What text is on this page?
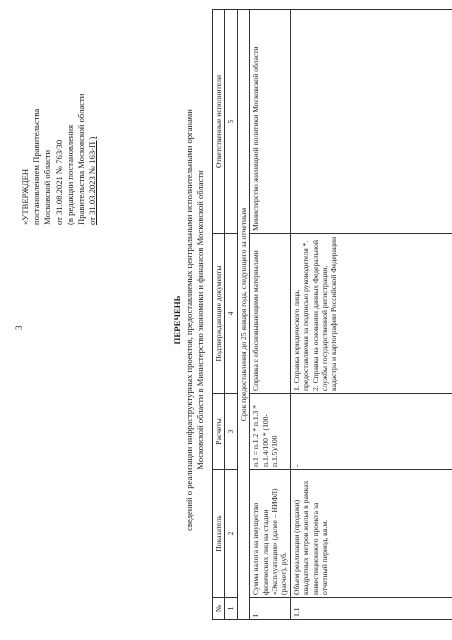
3
«УТВЕРЖДЕН постановлением Правительства Московской области от 31.08.2021 № 763/30 (в редакции постановления Правительства Московской области от 31.03.2023 № 163-П )
ПЕРЕЧЕНЬ сведений о реализации инфраструктурных проектов, предоставляемых центральными исполнительными органами Московской области в Министерство экономики и финансов Московской области
№	Показатель	Расчеты	Подтверждающие документы	Ответственные исполнители
1	2	3	4	5
Срок предоставления до 25 января года, следующего за отчетным				
I	Сумма налога на имущество физических лиц на стадии «Эксплуатация» (далее – НИФЛ)(расчет), руб.	п.1 = п.1.2 * п.1.3 * п.1.4/100 * (100-п.1.5)/100	Справка с обосновывающими материалами	Министерство жилищной политики Московской области
1.1	Объем реализации (продажи) квадратных метров жилья в рамках инвестиционного проекта за отчетный период, кв.м.	-	1. Справка юридического лица, предоставляемая за подписью руководителя *. 2. Справка на основании данных Федеральной службы государственной регистрации, кадастра и картографии Российской Федерации	
